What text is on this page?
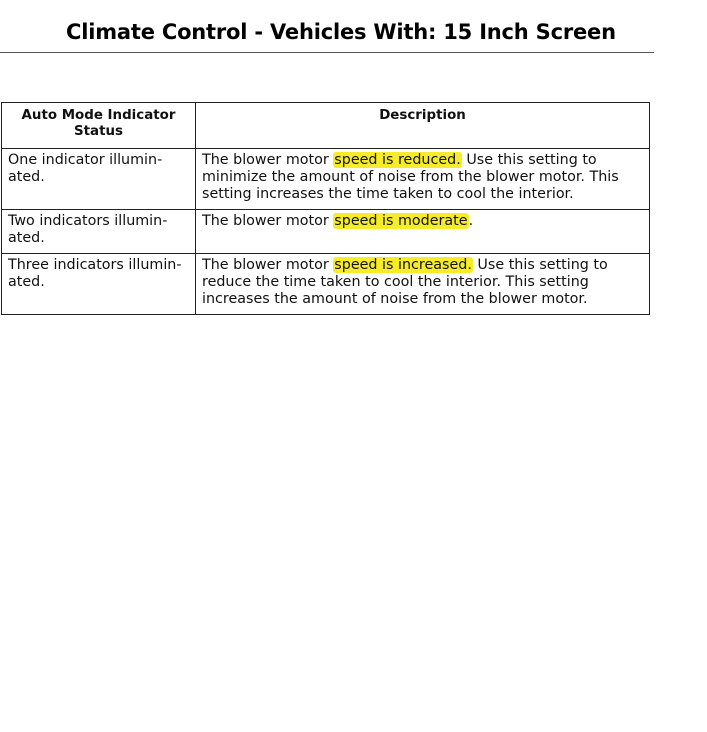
Climate Control - Vehicles With: 15 Inch Screen
Auto Mode Indicator Status	Description
One indicator illumin-ated.	The blower motor speed is reduced. Use this setting to minimize the amount of noise from the blower motor. This setting increases the time taken to cool the interior.
Two indicators illumin-ated.	The blower motor speed is moderate.
Three indicators illumin-ated.	The blower motor speed is increased. Use this setting to reduce the time taken to cool the interior. This setting increases the amount of noise from the blower motor.
